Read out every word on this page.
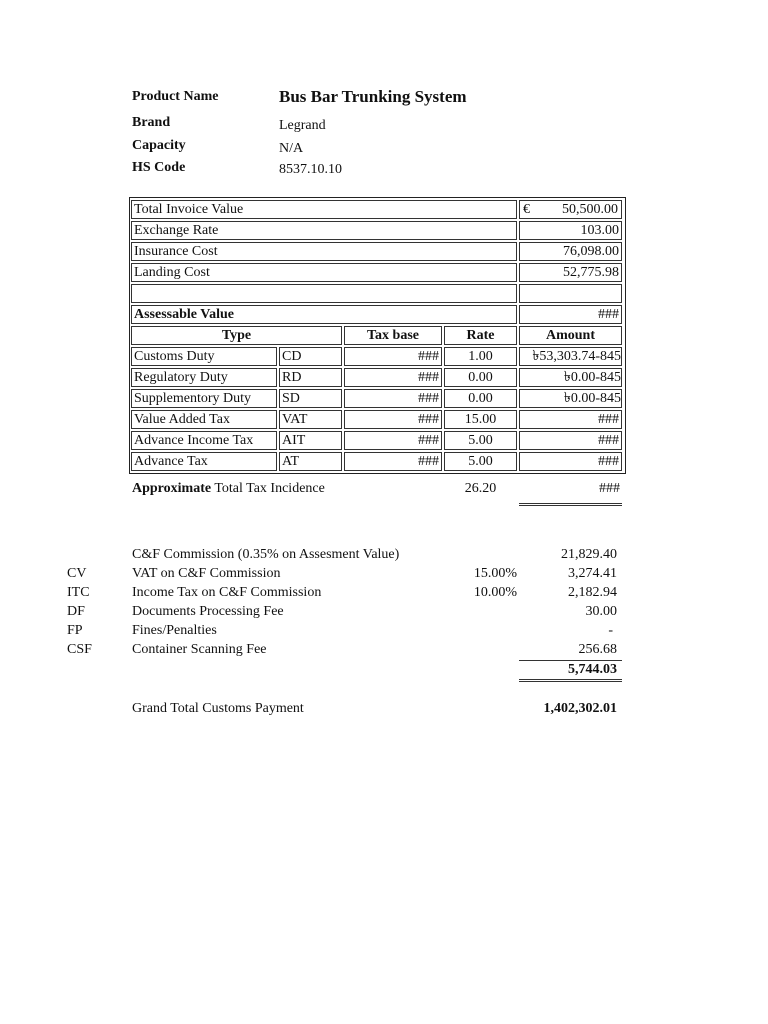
Product Name	Bus Bar Trunking System
Brand	Legrand
Capacity	N/A
HS Code	8537.10.10
Total Invoice Value	€ 50,500.00
Exchange Rate	103.00
Insurance Cost	76,098.00
Landing Cost	52,775.98
Assessable Value	###
Type	Tax base	Rate	Amount
Customs Duty	CD	###	1.00	৳53,303.74-845
Regulatory Duty	RD	###	0.00	৳0.00-845
Supplementory Duty	SD	###	0.00	৳0.00-845
Value Added Tax	VAT	###	15.00	###
Advance Income Tax	AIT	###	5.00	###
Advance Tax	AT	###	5.00	###
Approximate Total Tax Incidence	26.20	###
C&F Commission (0.35% on Assesment Value)	21,829.40
CV	VAT on C&F Commission	15.00%	3,274.41
ITC	Income Tax on C&F Commission	10.00%	2,182.94
DF	Documents Processing Fee	30.00
FP	Fines/Penalties	-
CSF	Container Scanning Fee	256.68
5,744.03
Grand Total Customs Payment	1,402,302.01
